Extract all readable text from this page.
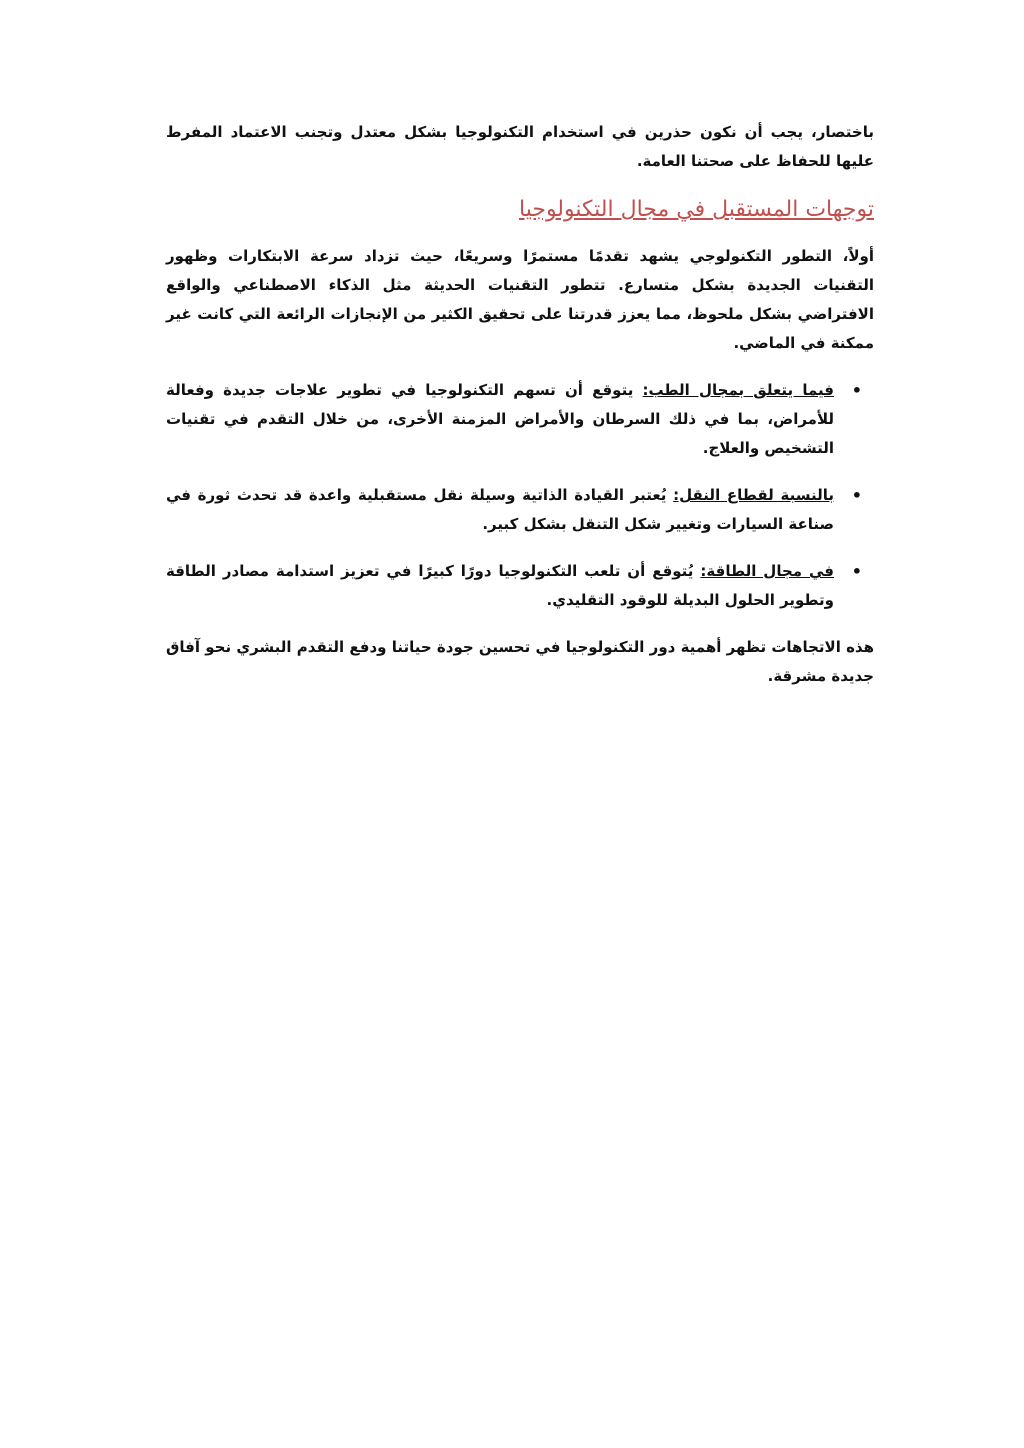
باختصار، يجب أن نكون حذرين في استخدام التكنولوجيا بشكل معتدل وتجنب الاعتماد المفرط عليها للحفاظ على صحتنا العامة.

توجهات المستقبل في مجال التكنولوجيا

أولاً، التطور التكنولوجي يشهد تقدمًا مستمرًا وسريعًا، حيث تزداد سرعة الابتكارات وظهور التقنيات الجديدة بشكل متسارع. تتطور التقنيات الحديثة مثل الذكاء الاصطناعي والواقع الافتراضي بشكل ملحوظ، مما يعزز قدرتنا على تحقيق الكثير من الإنجازات الرائعة التي كانت غير ممكنة في الماضي.

• فيما يتعلق بمجال الطب: يتوقع أن تسهم التكنولوجيا في تطوير علاجات جديدة وفعالة للأمراض، بما في ذلك السرطان والأمراض المزمنة الأخرى، من خلال التقدم في تقنيات التشخيص والعلاج.

• بالنسبة لقطاع النقل: يُعتبر القيادة الذاتية وسيلة نقل مستقبلية واعدة قد تحدث ثورة في صناعة السيارات وتغيير شكل التنقل بشكل كبير.

• في مجال الطاقة: يُتوقع أن تلعب التكنولوجيا دورًا كبيرًا في تعزيز استدامة مصادر الطاقة وتطوير الحلول البديلة للوقود التقليدي.

هذه الاتجاهات تظهر أهمية دور التكنولوجيا في تحسين جودة حياتنا ودفع التقدم البشري نحو آفاق جديدة مشرقة.
